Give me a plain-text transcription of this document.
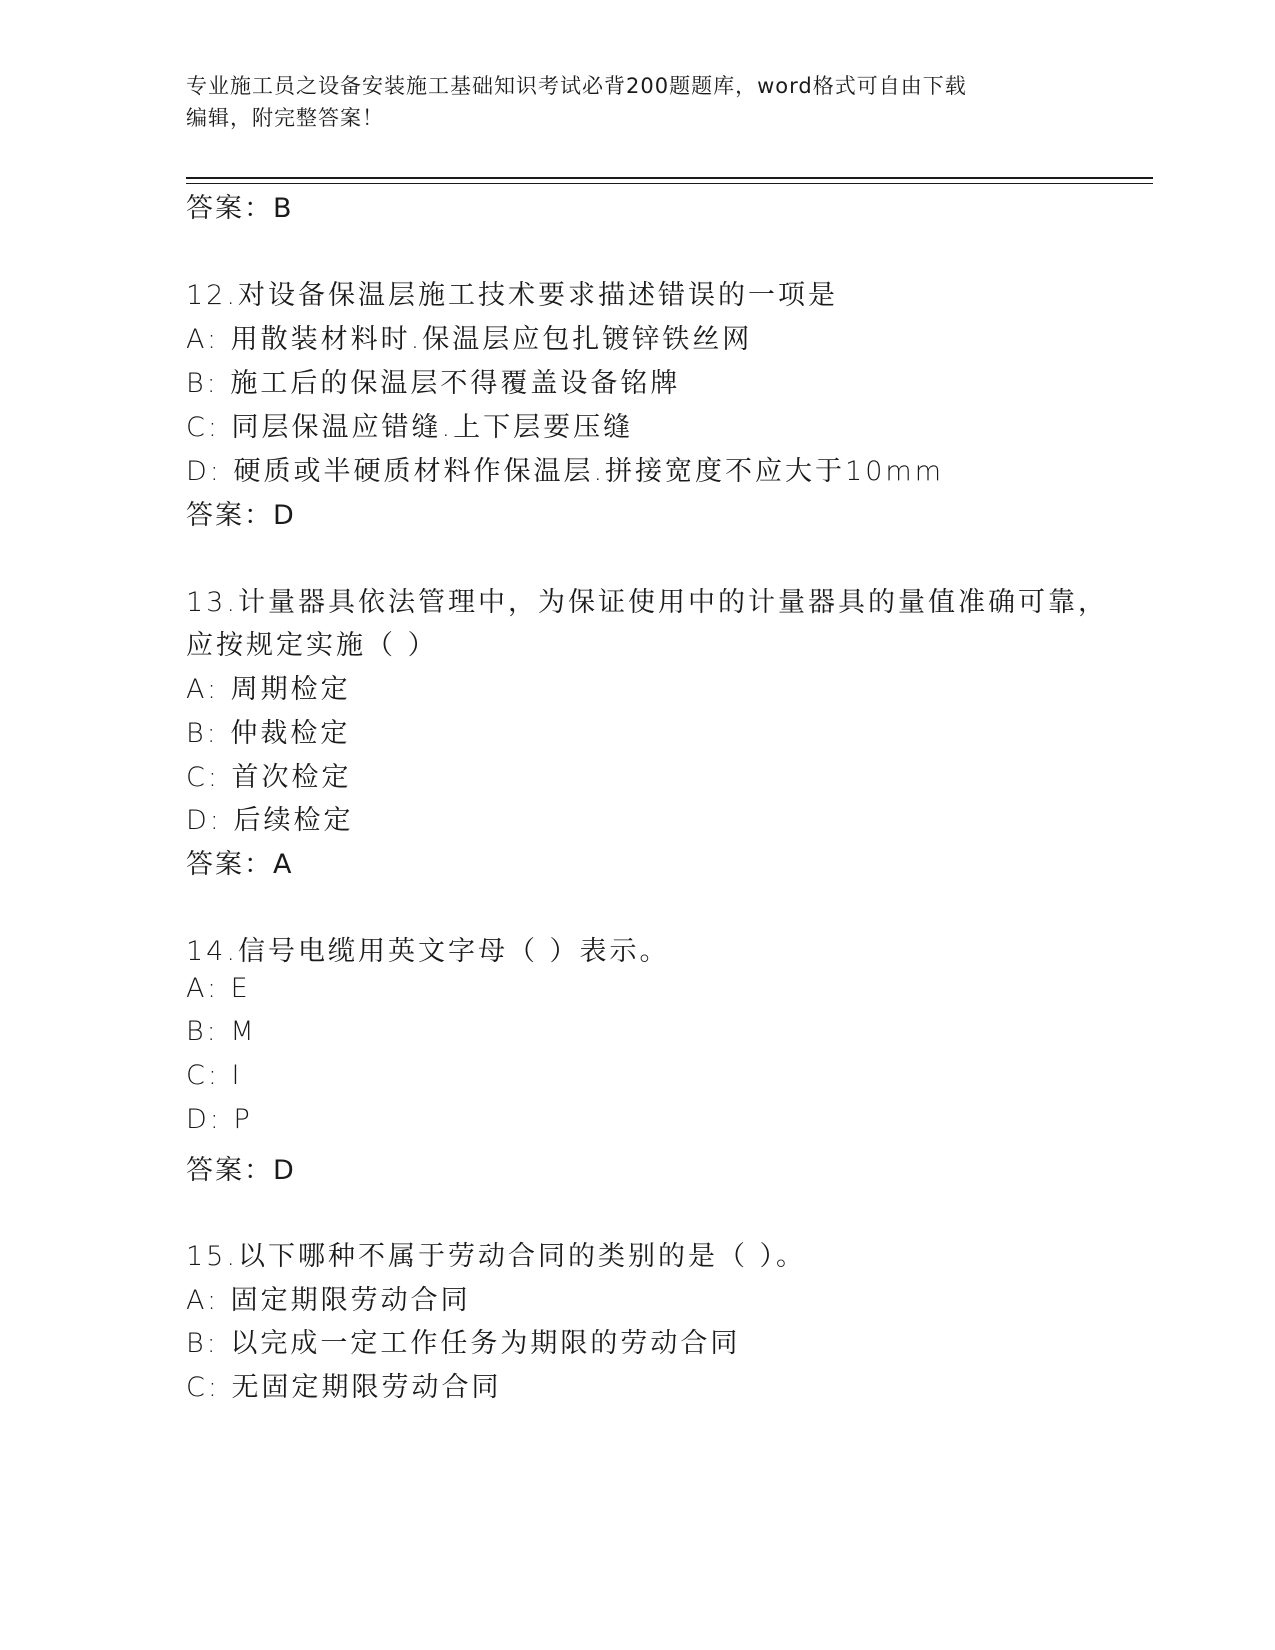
专业施工员之设备安装施工基础知识考试必背200题题库，word格式可自由下载
编辑，附完整答案！
答案：B
12.对设备保温层施工技术要求描述错误的一项是
A: 用散装材料时.保温层应包扎镀锌铁丝网
B: 施工后的保温层不得覆盖设备铭牌
C: 同层保温应错缝.上下层要压缝
D: 硬质或半硬质材料作保温层.拼接宽度不应大于10mm
答案：D
13.计量器具依法管理中，为保证使用中的计量器具的量值准确可靠，
应按规定实施（ ）
A: 周期检定
B: 仲裁检定
C: 首次检定
D: 后续检定
答案：A
14.信号电缆用英文字母（ ）表示。
A: E
B: M
C: I
D: P
答案：D
15.以下哪种不属于劳动合同的类别的是（ ）。
A: 固定期限劳动合同
B: 以完成一定工作任务为期限的劳动合同
C: 无固定期限劳动合同
